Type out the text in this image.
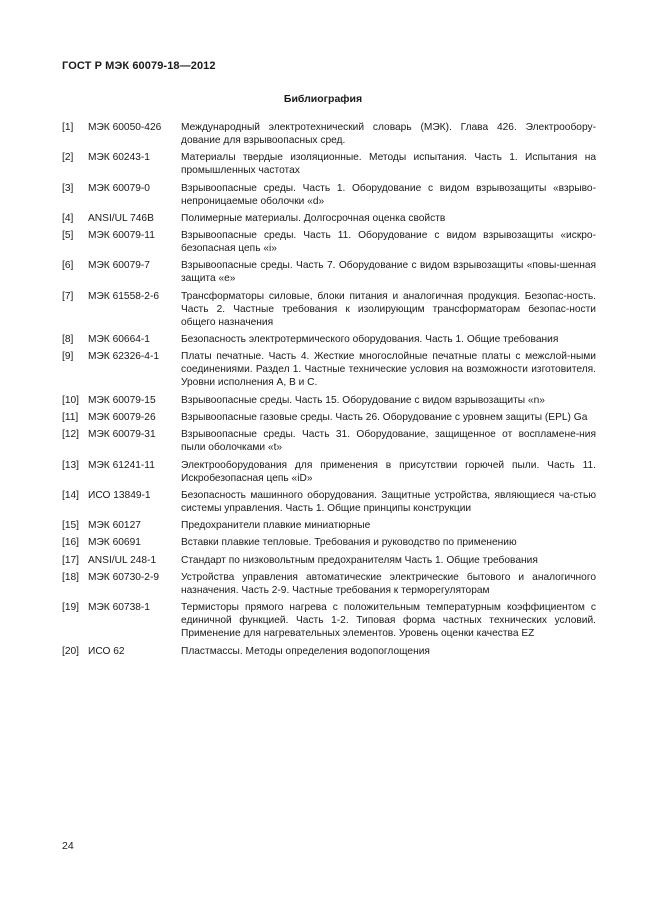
ГОСТ Р МЭК 60079-18—2012
Библиография
[1]	МЭК 60050-426	Международный электротехнический словарь (МЭК). Глава 426. Электрообору-дование для взрывоопасных сред.
[2]	МЭК 60243-1	Материалы твердые изоляционные. Методы испытания. Часть 1. Испытания на промышленных частотах
[3]	МЭК 60079-0	Взрывоопасные среды. Часть 1. Оборудование с видом взрывозащиты «взрыво-непроницаемые оболочки «d»
[4]	ANSI/UL 746B	Полимерные материалы. Долгосрочная оценка свойств
[5]	МЭК 60079-11	Взрывоопасные среды. Часть 11. Оборудование с видом взрывозащиты «искро-безопасная цепь «i»
[6]	МЭК 60079-7	Взрывоопасные среды. Часть 7. Оборудование с видом взрывозащиты «повы-шенная защита «е»
[7]	МЭК 61558-2-6	Трансформаторы силовые, блоки питания и аналогичная продукция. Безопас-ность. Часть 2. Частные требования к изолирующим трансформаторам безопас-ности общего назначения
[8]	МЭК 60664-1	Безопасность электротермического оборудования. Часть 1. Общие требования
[9]	МЭК 62326-4-1	Платы печатные. Часть 4. Жесткие многослойные печатные платы с межслой-ными соединениями. Раздел 1. Частные технические условия на возможности изготовителя. Уровни исполнения А, В и С.
[10] МЭК 60079-15	Взрывоопасные среды. Часть 15. Оборудование с видом взрывозащиты «n»
[11] МЭК 60079-26	Взрывоопасные газовые среды. Часть 26. Оборудование с уровнем защиты (EPL) Ga
[12] МЭК 60079-31	Взрывоопасные среды. Часть 31. Оборудование, защищенное от воспламене-ния пыли оболочками «t»
[13] МЭК 61241-11	Электрооборудования для применения в присутствии горючей пыли. Часть 11. Искробезопасная цепь «iD»
[14] ИСО 13849-1	Безопасность машинного оборудования. Защитные устройства, являющиеся ча-стью системы управления. Часть 1. Общие принципы конструкции
[15] МЭК 60127	Предохранители плавкие миниатюрные
[16] МЭК 60691	Вставки плавкие тепловые. Требования и руководство по применению
[17] ANSI/UL 248-1	Стандарт по низковольтным предохранителям Часть 1. Общие требования
[18] МЭК 60730-2-9	Устройства управления автоматические электрические бытового и аналогичного назначения. Часть 2-9. Частные требования к терморегуляторам
[19] МЭК 60738-1	Термисторы прямого нагрева с положительным температурным коэффициентом с единичной функцией. Часть 1-2. Типовая форма частных технических условий. Применение для нагревательных элементов. Уровень оценки качества EZ
[20] ИСО 62	Пластмассы. Методы определения водопоглощения
24
